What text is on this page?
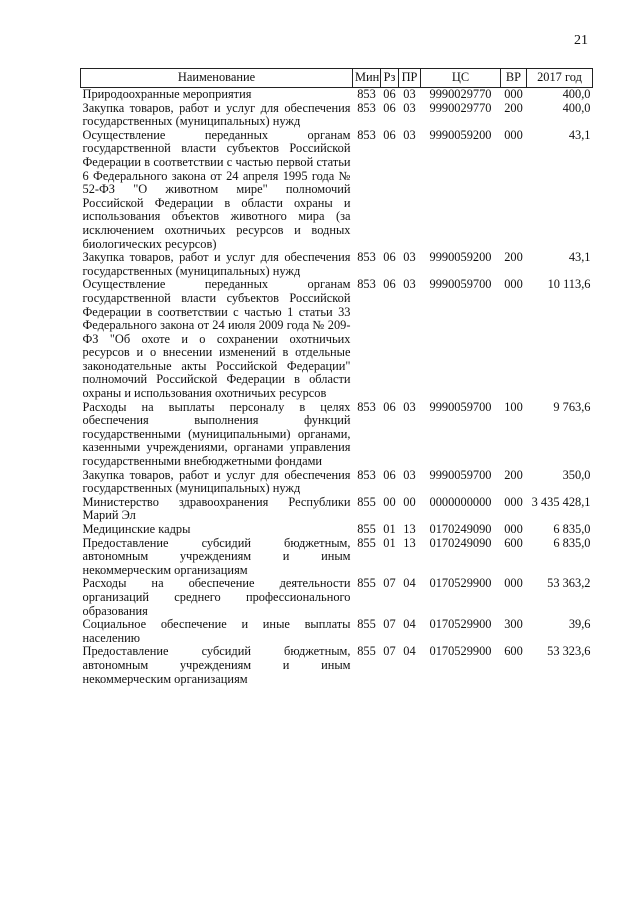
21
Наименование	Мин	Рз	ПР	ЦС	ВР	2017 год
Природоохранные мероприятия	853	06	03	9990029770	000	400,0
Закупка товаров, работ и услуг для обеспечения государственных (муниципальных) нужд	853	06	03	9990029770	200	400,0
Осуществление переданных органам государственной власти субъектов Российской Федерации в соответствии с частью первой статьи 6 Федерального закона от 24 апреля 1995 года № 52-ФЗ "О животном мире" полномочий Российской Федерации в области охраны и использования объектов животного мира (за исключением охотничьих ресурсов и водных биологических ресурсов)	853	06	03	9990059200	000	43,1
Закупка товаров, работ и услуг для обеспечения государственных (муниципальных) нужд	853	06	03	9990059200	200	43,1
Осуществление переданных органам государственной власти субъектов Российской Федерации в соответствии с частью 1 статьи 33 Федерального закона от 24 июля 2009 года № 209-ФЗ "Об охоте и о сохранении охотничьих ресурсов и о внесении изменений в отдельные законодательные акты Российской Федерации" полномочий Российской Федерации в области охраны и использования охотничьих ресурсов	853	06	03	9990059700	000	10 113,6
Расходы на выплаты персоналу в целях обеспечения выполнения функций государственными (муниципальными) органами, казенными учреждениями, органами управления государственными внебюджетными фондами	853	06	03	9990059700	100	9 763,6
Закупка товаров, работ и услуг для обеспечения государственных (муниципальных) нужд	853	06	03	9990059700	200	350,0
Министерство здравоохранения Республики Марий Эл	855	00	00	0000000000	000	3 435 428,1
Медицинские кадры	855	01	13	0170249090	000	6 835,0
Предоставление субсидий бюджетным, автономным учреждениям и иным некоммерческим организациям	855	01	13	0170249090	600	6 835,0
Расходы на обеспечение деятельности организаций среднего профессионального образования	855	07	04	0170529900	000	53 363,2
Социальное обеспечение и иные выплаты населению	855	07	04	0170529900	300	39,6
Предоставление субсидий бюджетным, автономным учреждениям и иным некоммерческим организациям	855	07	04	0170529900	600	53 323,6
